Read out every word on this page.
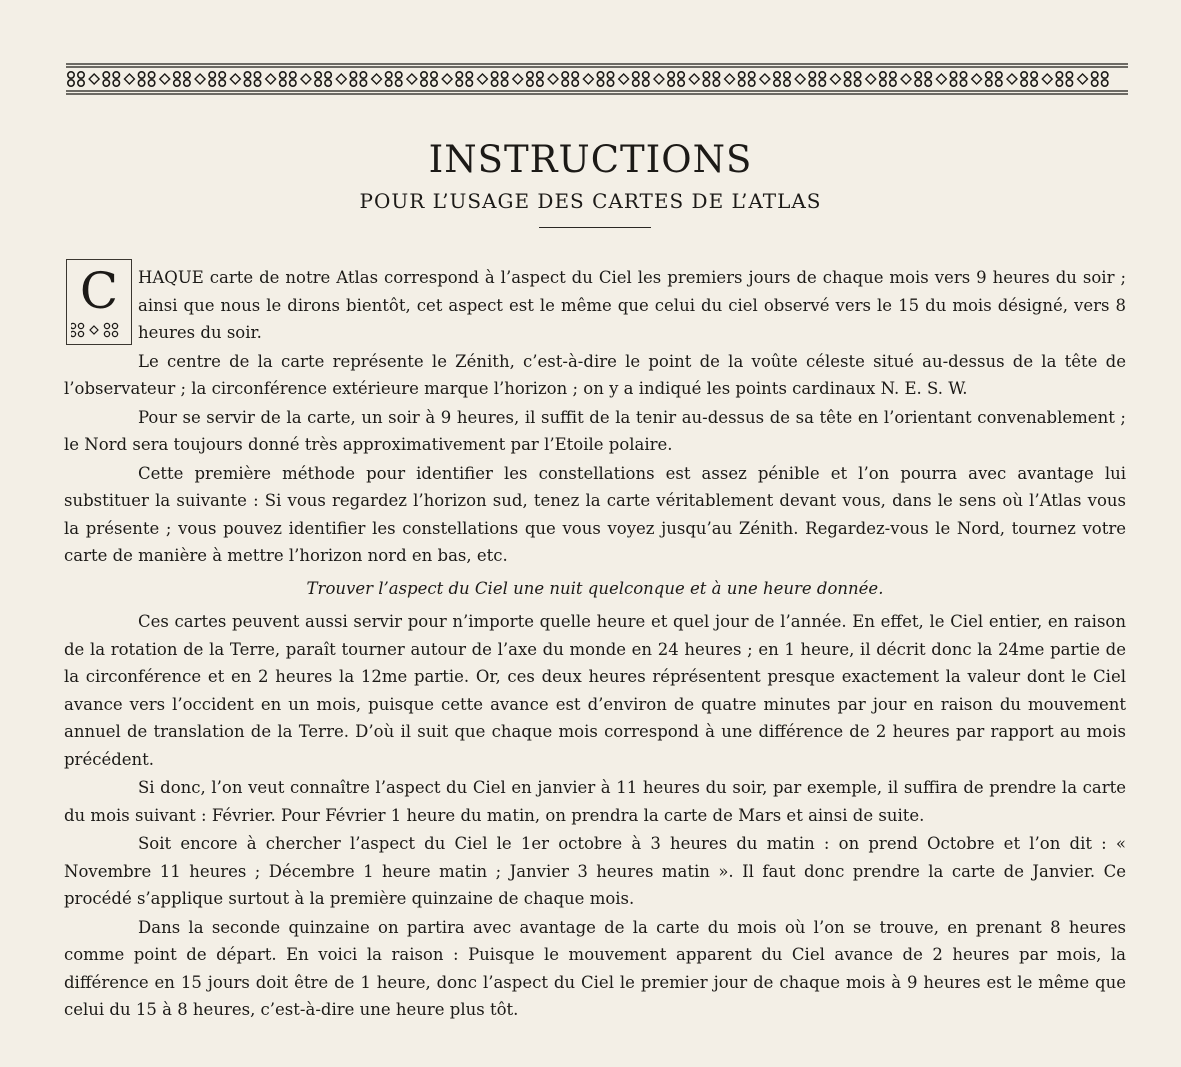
INSTRUCTIONS
POUR L’USAGE DES CARTES DE L’ATLAS
C	HAQUE carte de notre Atlas correspond à l’aspect du Ciel les premiers jours de chaque mois vers 9 heures du soir ; ainsi que nous le dirons bientôt, cet aspect est le même que celui du ciel observé vers le 15 du mois désigné, vers 8 heures du soir.

Le centre de la carte représente le Zénith, c’est-à-dire le point de la voûte céleste situé au-dessus de la tête de l’observateur ; la circonférence extérieure marque l’horizon ; on y a indiqué les points cardinaux N. E. S. W.

Pour se servir de la carte, un soir à 9 heures, il suffit de la tenir au-dessus de sa tête en l’orientant convenablement ; le Nord sera toujours donné très approximativement par l’Etoile polaire.

Cette première méthode pour identifier les constellations est assez pénible et l’on pourra avec avantage lui substituer la suivante : Si vous regardez l’horizon sud, tenez la carte véritablement devant vous, dans le sens où l’Atlas vous la présente ; vous pouvez identifier les constellations que vous voyez jusqu’au Zénith. Regardez-vous le Nord, tournez votre carte de manière à mettre l’horizon nord en bas, etc.

Trouver l’aspect du Ciel une nuit quelconque et à une heure donnée.

Ces cartes peuvent aussi servir pour n’importe quelle heure et quel jour de l’année. En effet, le Ciel entier, en raison de la rotation de la Terre, paraît tourner autour de l’axe du monde en 24 heures ; en 1 heure, il décrit donc la 24me partie de la circonférence et en 2 heures la 12me partie. Or, ces deux heures réprésentent presque exactement la valeur dont le Ciel avance vers l’occident en un mois, puisque cette avance est d’environ de quatre minutes par jour en raison du mouvement annuel de translation de la Terre. D’où il suit que chaque mois correspond à une différence de 2 heures par rapport au mois précédent.

Si donc, l’on veut connaître l’aspect du Ciel en janvier à 11 heures du soir, par exemple, il suffira de prendre la carte du mois suivant : Février. Pour Février 1 heure du matin, on prendra la carte de Mars et ainsi de suite.

Soit encore à chercher l’aspect du Ciel le 1er octobre à 3 heures du matin : on prend Octobre et l’on dit : « Novembre 11 heures ; Décembre 1 heure matin ; Janvier 3 heures matin ». Il faut donc prendre la carte de Janvier. Ce procédé s’applique surtout à la première quinzaine de chaque mois.

Dans la seconde quinzaine on partira avec avantage de la carte du mois où l’on se trouve, en prenant 8 heures comme point de départ. En voici la raison : Puisque le mouvement apparent du Ciel avance de 2 heures par mois, la différence en 15 jours doit être de 1 heure, donc l’aspect du Ciel le premier jour de chaque mois à 9 heures est le même que celui du 15 à 8 heures, c’est-à-dire une heure plus tôt.
